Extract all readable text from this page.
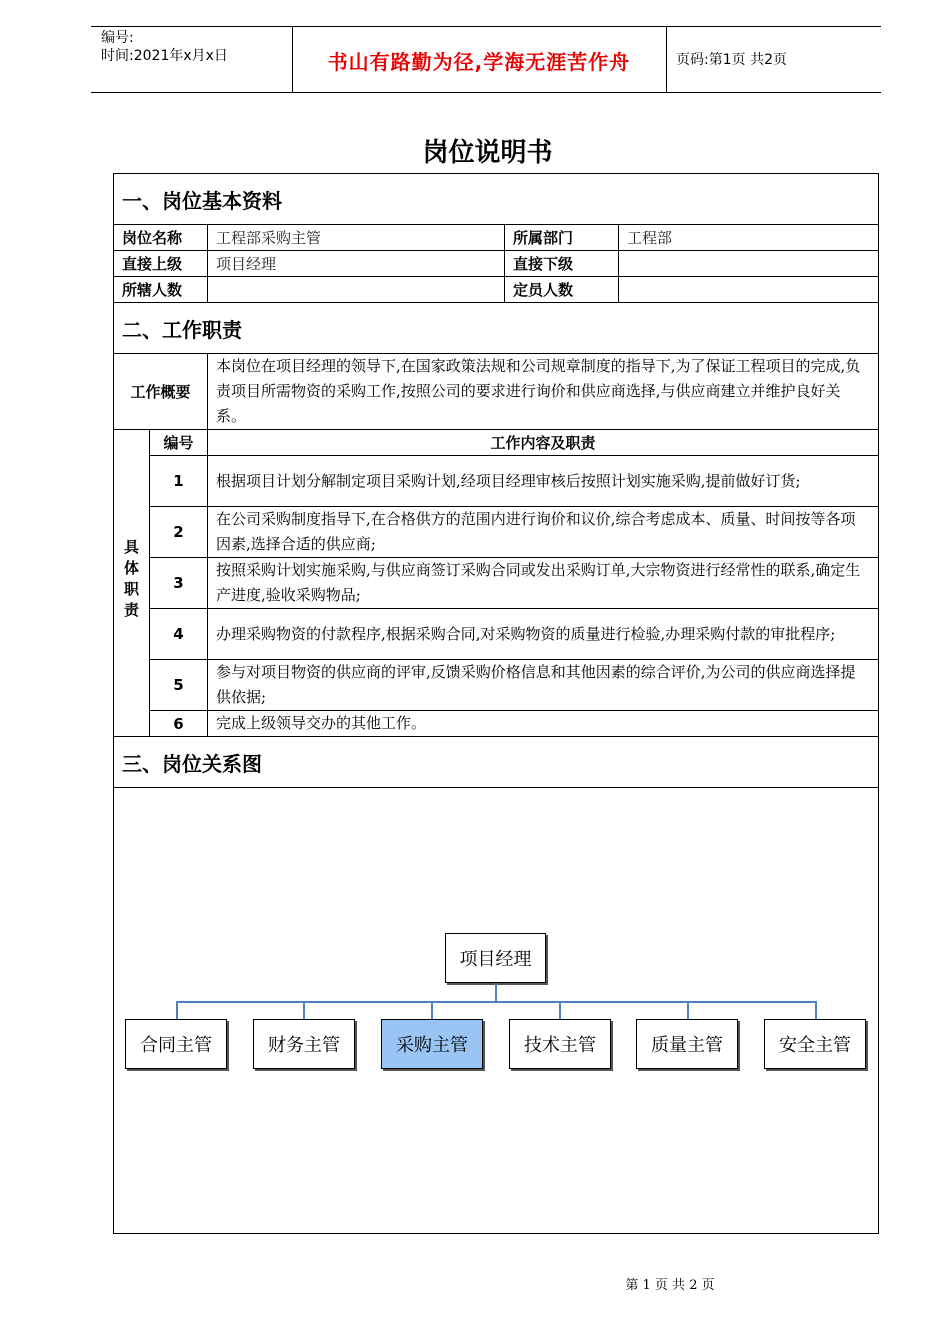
编号:
时间:2021年x月x日	书山有路勤为径,学海无涯苦作舟	页码:第1页 共2页
岗位说明书
一、岗位基本资料				
岗位名称		工程部采购主管	所属部门	工程部
直接上级		项目经理	直接下级	
所辖人数			定员人数	
二、工作职责				
工作概要		本岗位在项目经理的领导下,在国家政策法规和公司规章制度的指导下,为了保证工程项目的完成,负责项目所需物资的采购工作,按照公司的要求进行询价和供应商选择,与供应商建立并维护良好关系。		
具体职责	编号	工作内容及职责		
	1	根据项目计划分解制定项目采购计划,经项目经理审核后按照计划实施采购,提前做好订货;		
	2	在公司采购制度指导下,在合格供方的范围内进行询价和议价,综合考虑成本、质量、时间按等各项因素,选择合适的供应商;		
	3	按照采购计划实施采购,与供应商签订采购合同或发出采购订单,大宗物资进行经常性的联系,确定生产进度,验收采购物品;		
	4	办理采购物资的付款程序,根据采购合同,对采购物资的质量进行检验,办理采购付款的审批程序;		
	5	参与对项目物资的供应商的评审,反馈采购价格信息和其他因素的综合评价,为公司的供应商选择提供依据;		
	6	完成上级领导交办的其他工作。		
三、岗位关系图				

项目经理
合同主管	财务主管	采购主管	技术主管	质量主管	安全主管
第 1 页 共 2 页
